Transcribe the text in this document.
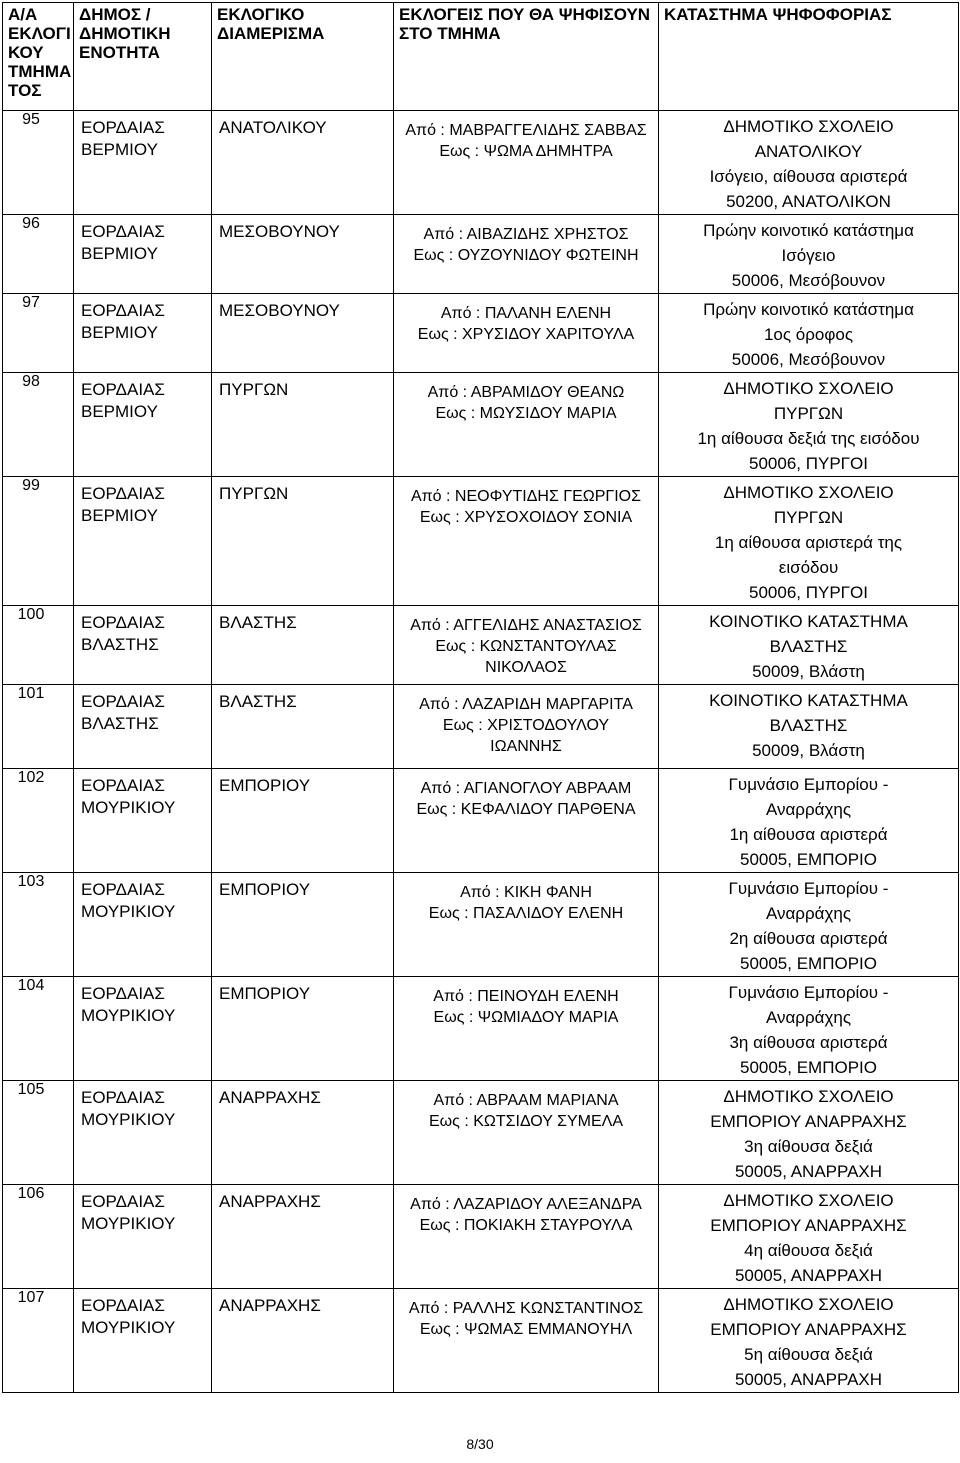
Α/Α
ΕΚΛΟΓΙ
ΚΟΥ
ΤΜΗΜΑ
ΤΟΣ	ΔΗΜΟΣ /
ΔΗΜΟΤΙΚΗ
ΕΝΟΤΗΤΑ	ΕΚΛΟΓΙΚΟ
ΔΙΑΜΕΡΙΣΜΑ	ΕΚΛΟΓΕΙΣ ΠΟΥ ΘΑ ΨΗΦΙΣΟΥΝ
ΣΤΟ ΤΜΗΜΑ	ΚΑΤΑΣΤΗΜΑ ΨΗΦΟΦΟΡΙΑΣ

95	ΕΟΡΔΑΙΑΣ
ΒΕΡΜΙΟΥ	ΑΝΑΤΟΛΙΚΟΥ	Από : ΜΑΒΡΑΓΓΕΛΙΔΗΣ ΣΑΒΒΑΣ
Εως : ΨΩΜΑ ΔΗΜΗΤΡΑ	ΔΗΜΟΤΙΚΟ ΣΧΟΛΕΙΟ
ΑΝΑΤΟΛΙΚΟΥ
Ισόγειο, αίθουσα αριστερά
50200, ΑΝΑΤΟΛΙΚΟΝ

96	ΕΟΡΔΑΙΑΣ
ΒΕΡΜΙΟΥ	ΜΕΣΟΒΟΥΝΟΥ	Από : ΑΙΒΑΖΙΔΗΣ ΧΡΗΣΤΟΣ
Εως : ΟΥΖΟΥΝΙΔΟΥ ΦΩΤΕΙΝΗ	Πρώην κοινοτικό κατάστημα
Ισόγειο
50006, Μεσόβουνον

97	ΕΟΡΔΑΙΑΣ
ΒΕΡΜΙΟΥ	ΜΕΣΟΒΟΥΝΟΥ	Από : ΠΑΛΑΝΗ ΕΛΕΝΗ
Εως : ΧΡΥΣΙΔΟΥ ΧΑΡΙΤΟΥΛΑ	Πρώην κοινοτικό κατάστημα
1ος όροφος
50006, Μεσόβουνον

98	ΕΟΡΔΑΙΑΣ
ΒΕΡΜΙΟΥ	ΠΥΡΓΩΝ	Από : ΑΒΡΑΜΙΔΟΥ ΘΕΑΝΩ
Εως : ΜΩΥΣΙΔΟΥ ΜΑΡΙΑ	ΔΗΜΟΤΙΚΟ ΣΧΟΛΕΙΟ
ΠΥΡΓΩΝ
1η αίθουσα δεξιά της εισόδου
50006, ΠΥΡΓΟΙ

99	ΕΟΡΔΑΙΑΣ
ΒΕΡΜΙΟΥ	ΠΥΡΓΩΝ	Από : ΝΕΟΦΥΤΙΔΗΣ ΓΕΩΡΓΙΟΣ
Εως : ΧΡΥΣΟΧΟΙΔΟΥ ΣΟΝΙΑ	ΔΗΜΟΤΙΚΟ ΣΧΟΛΕΙΟ
ΠΥΡΓΩΝ
1η αίθουσα αριστερά της
εισόδου
50006, ΠΥΡΓΟΙ

100	ΕΟΡΔΑΙΑΣ
ΒΛΑΣΤΗΣ	ΒΛΑΣΤΗΣ	Από : ΑΓΓΕΛΙΔΗΣ ΑΝΑΣΤΑΣΙΟΣ
Εως : ΚΩΝΣΤΑΝΤΟΥΛΑΣ
ΝΙΚΟΛΑΟΣ	ΚΟΙΝΟΤΙΚΟ ΚΑΤΑΣΤΗΜΑ
ΒΛΑΣΤΗΣ
50009, Βλάστη

101	ΕΟΡΔΑΙΑΣ
ΒΛΑΣΤΗΣ	ΒΛΑΣΤΗΣ	Από : ΛΑΖΑΡΙΔΗ ΜΑΡΓΑΡΙΤΑ
Εως : ΧΡΙΣΤΟΔΟΥΛΟΥ
ΙΩΑΝΝΗΣ	ΚΟΙΝΟΤΙΚΟ ΚΑΤΑΣΤΗΜΑ
ΒΛΑΣΤΗΣ
50009, Βλάστη

102	ΕΟΡΔΑΙΑΣ
ΜΟΥΡΙΚΙΟΥ	ΕΜΠΟΡΙΟΥ	Από : ΑΓΙΑΝΟΓΛΟΥ ΑΒΡΑΑΜ
Εως : ΚΕΦΑΛΙΔΟΥ ΠΑΡΘΕΝΑ	Γυμνάσιο Εμπορίου -
Αναρράχης
1η αίθουσα αριστερά
50005, ΕΜΠΟΡΙΟ

103	ΕΟΡΔΑΙΑΣ
ΜΟΥΡΙΚΙΟΥ	ΕΜΠΟΡΙΟΥ	Από : ΚΙΚΗ ΦΑΝΗ
Εως : ΠΑΣΑΛΙΔΟΥ ΕΛΕΝΗ	Γυμνάσιο Εμπορίου -
Αναρράχης
2η αίθουσα αριστερά
50005, ΕΜΠΟΡΙΟ

104	ΕΟΡΔΑΙΑΣ
ΜΟΥΡΙΚΙΟΥ	ΕΜΠΟΡΙΟΥ	Από : ΠΕΙΝΟΥΔΗ ΕΛΕΝΗ
Εως : ΨΩΜΙΑΔΟΥ ΜΑΡΙΑ	Γυμνάσιο Εμπορίου -
Αναρράχης
3η αίθουσα αριστερά
50005, ΕΜΠΟΡΙΟ

105	ΕΟΡΔΑΙΑΣ
ΜΟΥΡΙΚΙΟΥ	ΑΝΑΡΡΑΧΗΣ	Από : ΑΒΡΑΑΜ ΜΑΡΙΑΝΑ
Εως : ΚΩΤΣΙΔΟΥ ΣΥΜΕΛΑ	ΔΗΜΟΤΙΚΟ ΣΧΟΛΕΙΟ
ΕΜΠΟΡΙΟΥ ΑΝΑΡΡΑΧΗΣ
3η αίθουσα δεξιά
50005, ΑΝΑΡΡΑΧΗ

106	ΕΟΡΔΑΙΑΣ
ΜΟΥΡΙΚΙΟΥ	ΑΝΑΡΡΑΧΗΣ	Από : ΛΑΖΑΡΙΔΟΥ ΑΛΕΞΑΝΔΡΑ
Εως : ΠΟΚΙΑΚΗ ΣΤΑΥΡΟΥΛΑ	ΔΗΜΟΤΙΚΟ ΣΧΟΛΕΙΟ
ΕΜΠΟΡΙΟΥ ΑΝΑΡΡΑΧΗΣ
4η αίθουσα δεξιά
50005, ΑΝΑΡΡΑΧΗ

107	ΕΟΡΔΑΙΑΣ
ΜΟΥΡΙΚΙΟΥ	ΑΝΑΡΡΑΧΗΣ	Από : ΡΑΛΛΗΣ ΚΩΝΣΤΑΝΤΙΝΟΣ
Εως : ΨΩΜΑΣ ΕΜΜΑΝΟΥΗΛ	ΔΗΜΟΤΙΚΟ ΣΧΟΛΕΙΟ
ΕΜΠΟΡΙΟΥ ΑΝΑΡΡΑΧΗΣ
5η αίθουσα δεξιά
50005, ΑΝΑΡΡΑΧΗ
8/30
